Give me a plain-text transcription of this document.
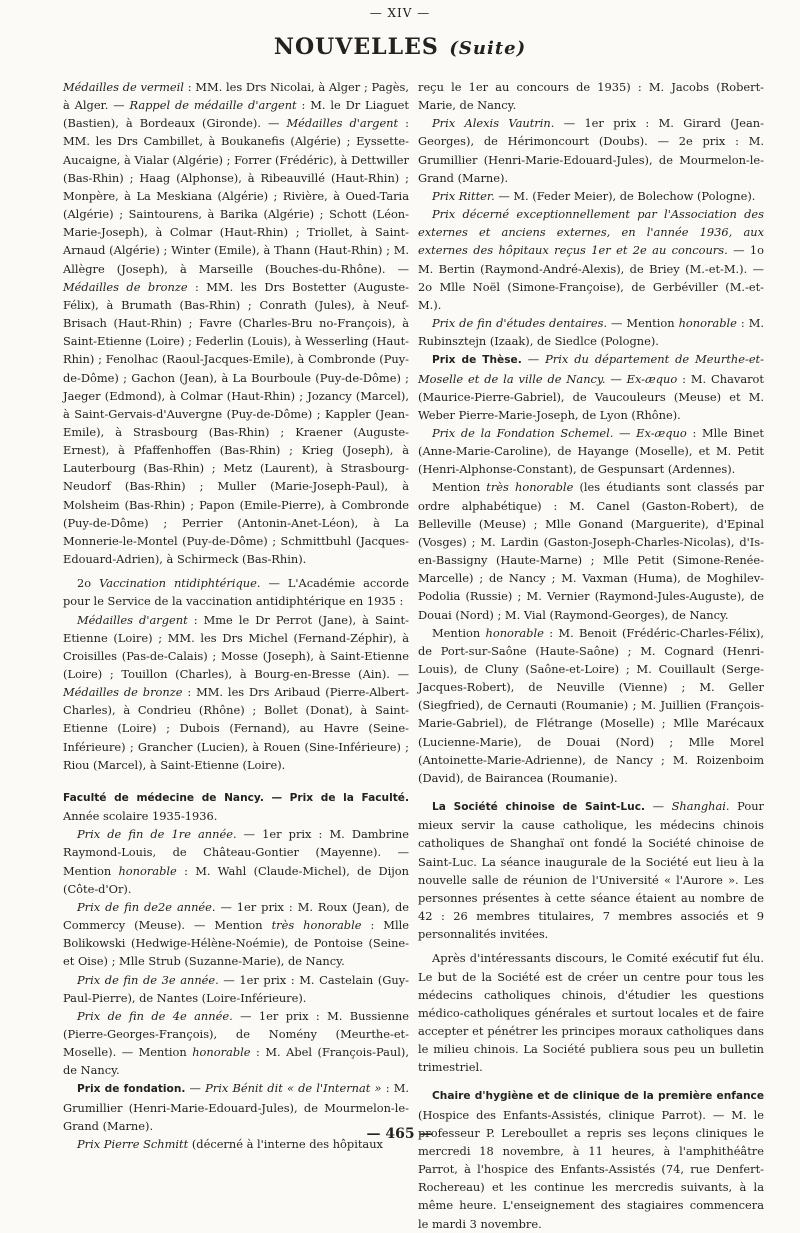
— XIV —
NOUVELLES (Suite)

Médailles de vermeil : MM. les Drs Nicolai, à Alger ; Pagès, à Alger. — Rappel de médaille d'argent : M. le Dr Liaguet (Bastien), à Bordeaux (Gironde). — Médailles d'argent : MM. les Drs Cambillet, à Boukanefis (Algérie) ; Eyssette-Aucaigne, à Vialar (Algérie) ; Forrer (Frédéric), à Dettwiller (Bas-Rhin) ; Haag (Alphonse), à Ribeauvillé (Haut-Rhin) ; Monpère, à La Meskiana (Algérie) ; Rivière, à Oued-Taria (Algérie) ; Saintourens, à Barika (Algérie) ; Schott (Léon-Marie-Joseph), à Colmar (Haut-Rhin) ; Triollet, à Saint-Arnaud (Algérie) ; Winter (Emile), à Thann (Haut-Rhin) ; M. Allègre (Joseph), à Marseille (Bouches-du-Rhône). — Médailles de bronze : MM. les Drs Bostetter (Auguste-Félix), à Brumath (Bas-Rhin) ; Conrath (Jules), à Neuf-Brisach (Haut-Rhin) ; Favre (Charles-Bru no-François), à Saint-Etienne (Loire) ; Federlin (Louis), à Wesserling (Haut-Rhin) ; Fenolhac (Raoul-Jacques-Emile), à Combronde (Puy-de-Dôme) ; Gachon (Jean), à La Bourboule (Puy-de-Dôme) ; Jaeger (Edmond), à Colmar (Haut-Rhin) ; Jozancy (Marcel), à Saint-Gervais-d'Auvergne (Puy-de-Dôme) ; Kappler (Jean-Emile), à Strasbourg (Bas-Rhin) ; Kraener (Auguste-Ernest), à Pfaffenhoffen (Bas-Rhin) ; Krieg (Joseph), à Lauterbourg (Bas-Rhin) ; Metz (Laurent), à Strasbourg-Neudorf (Bas-Rhin) ; Muller (Marie-Joseph-Paul), à Molsheim (Bas-Rhin) ; Papon (Emile-Pierre), à Combronde (Puy-de-Dôme) ; Perrier (Antonin-Anet-Léon), à La Monnerie-le-Montel (Puy-de-Dôme) ; Schmittbuhl (Jacques-Edouard-Adrien), à Schirmeck (Bas-Rhin).

2o Vaccination ntidiphtérique. — L'Académie accorde pour le Service de la vaccination antidiphtérique en 1935 :

Médailles d'argent : Mme le Dr Perrot (Jane), à Saint-Etienne (Loire) ; MM. les Drs Michel (Fernand-Zéphir), à Croisilles (Pas-de-Calais) ; Mosse (Joseph), à Saint-Etienne (Loire) ; Touillon (Charles), à Bourg-en-Bresse (Ain). — Médailles de bronze : MM. les Drs Aribaud (Pierre-Albert-Charles), à Condrieu (Rhône) ; Bollet (Donat), à Saint-Etienne (Loire) ; Dubois (Fernand), au Havre (Seine-Inférieure) ; Grancher (Lucien), à Rouen (Sine-Inférieure) ; Riou (Marcel), à Saint-Etienne (Loire).

Faculté de médecine de Nancy. — Prix de la Faculté. Année scolaire 1935-1936.

Prix de fin de 1re année. — 1er prix : M. Dambrine Raymond-Louis, de Château-Gontier (Mayenne). — Mention honorable : M. Wahl (Claude-Michel), de Dijon (Côte-d'Or).

Prix de fin de2e année. — 1er prix : M. Roux (Jean), de Commercy (Meuse). — Mention très honorable : Mlle Bolikowski (Hedwige-Hélène-Noémie), de Pontoise (Seine-et Oise) ; Mlle Strub (Suzanne-Marie), de Nancy.

Prix de fin de 3e année. — 1er prix : M. Castelain (Guy-Paul-Pierre), de Nantes (Loire-Inférieure).

Prix de fin de 4e année. — 1er prix : M. Bussienne (Pierre-Georges-François), de Nomény (Meurthe-et-Moselle). — Mention honorable : M. Abel (François-Paul), de Nancy.

Prix de fondation. — Prix Bénit dit « de l'Internat » : M. Grumillier (Henri-Marie-Edouard-Jules), de Mourmelon-le-Grand (Marne).

Prix Pierre Schmitt (décerné à l'interne des hôpitaux

reçu le 1er au concours de 1935) : M. Jacobs (Robert-Marie, de Nancy.

Prix Alexis Vautrin. — 1er prix : M. Girard (Jean-Georges), de Hérimoncourt (Doubs). — 2e prix : M. Grumillier (Henri-Marie-Edouard-Jules), de Mourmelon-le-Grand (Marne).

Prix Ritter. — M. (Feder Meier), de Bolechow (Pologne).

Prix décerné exceptionnellement par l'Association des externes et anciens externes, en l'année 1936, aux externes des hôpitaux reçus 1er et 2e au concours. — 1o M. Bertin (Raymond-André-Alexis), de Briey (M.-et-M.). — 2o Mlle Noël (Simone-Françoise), de Gerbéviller (M.-et-M.).

Prix de fin d'études dentaires. — Mention honorable : M. Rubinsztejn (Izaak), de Siedlce (Pologne).

Prix de Thèse. — Prix du département de Meurthe-et-Moselle et de la ville de Nancy. — Ex-æquo : M. Chavarot (Maurice-Pierre-Gabriel), de Vaucouleurs (Meuse) et M. Weber Pierre-Marie-Joseph, de Lyon (Rhône).

Prix de la Fondation Schemel. — Ex-æquo : Mlle Binet (Anne-Marie-Caroline), de Hayange (Moselle), et M. Petit (Henri-Alphonse-Constant), de Gespunsart (Ardennes).

Mention très honorable (les étudiants sont classés par ordre alphabétique) : M. Canel (Gaston-Robert), de Belleville (Meuse) ; Mlle Gonand (Marguerite), d'Epinal (Vosges) ; M. Lardin (Gaston-Joseph-Charles-Nicolas), d'Is-en-Bassigny (Haute-Marne) ; Mlle Petit (Simone-Renée-Marcelle) ; de Nancy ; M. Vaxman (Huma), de Moghilev-Podolia (Russie) ; M. Vernier (Raymond-Jules-Auguste), de Douai (Nord) ; M. Vial (Raymond-Georges), de Nancy.

Mention honorable : M. Benoit (Frédéric-Charles-Félix), de Port-sur-Saône (Haute-Saône) ; M. Cognard (Henri-Louis), de Cluny (Saône-et-Loire) ; M. Couillault (Serge-Jacques-Robert), de Neuville (Vienne) ; M. Geller (Siegfried), de Cernauti (Roumanie) ; M. Juillien (François-Marie-Gabriel), de Flétrange (Moselle) ; Mlle Marécaux (Lucienne-Marie), de Douai (Nord) ; Mlle Morel (Antoinette-Marie-Adrienne), de Nancy ; M. Roizenboim (David), de Bairancea (Roumanie).

La Société chinoise de Saint-Luc. — Shanghai. Pour mieux servir la cause catholique, les médecins chinois catholiques de Shanghaï ont fondé la Société chinoise de Saint-Luc. La séance inaugurale de la Société eut lieu à la nouvelle salle de réunion de l'Université « l'Aurore ». Les personnes présentes à cette séance étaient au nombre de 42 : 26 membres titulaires, 7 membres associés et 9 personnalités invitées.

Après d'intéressants discours, le Comité exécutif fut élu. Le but de la Société est de créer un centre pour tous les médecins catholiques chinois, d'étudier les questions médico-catholiques générales et surtout locales et de faire accepter et pénétrer les principes moraux catholiques dans le milieu chinois. La Société publiera sous peu un bulletin trimestriel.

Chaire d'hygiène et de clinique de la première enfance (Hospice des Enfants-Assistés, clinique Parrot). — M. le professeur P. Lereboullet a repris ses leçons cliniques le mercredi 18 novembre, à 11 heures, à l'amphithéâtre Parrot, à l'hospice des Enfants-Assistés (74, rue Denfert-Rochereau) et les continue les mercredis suivants, à la même heure. L'enseignement des stagiaires commencera le mardi 3 novembre.

— 465 —
